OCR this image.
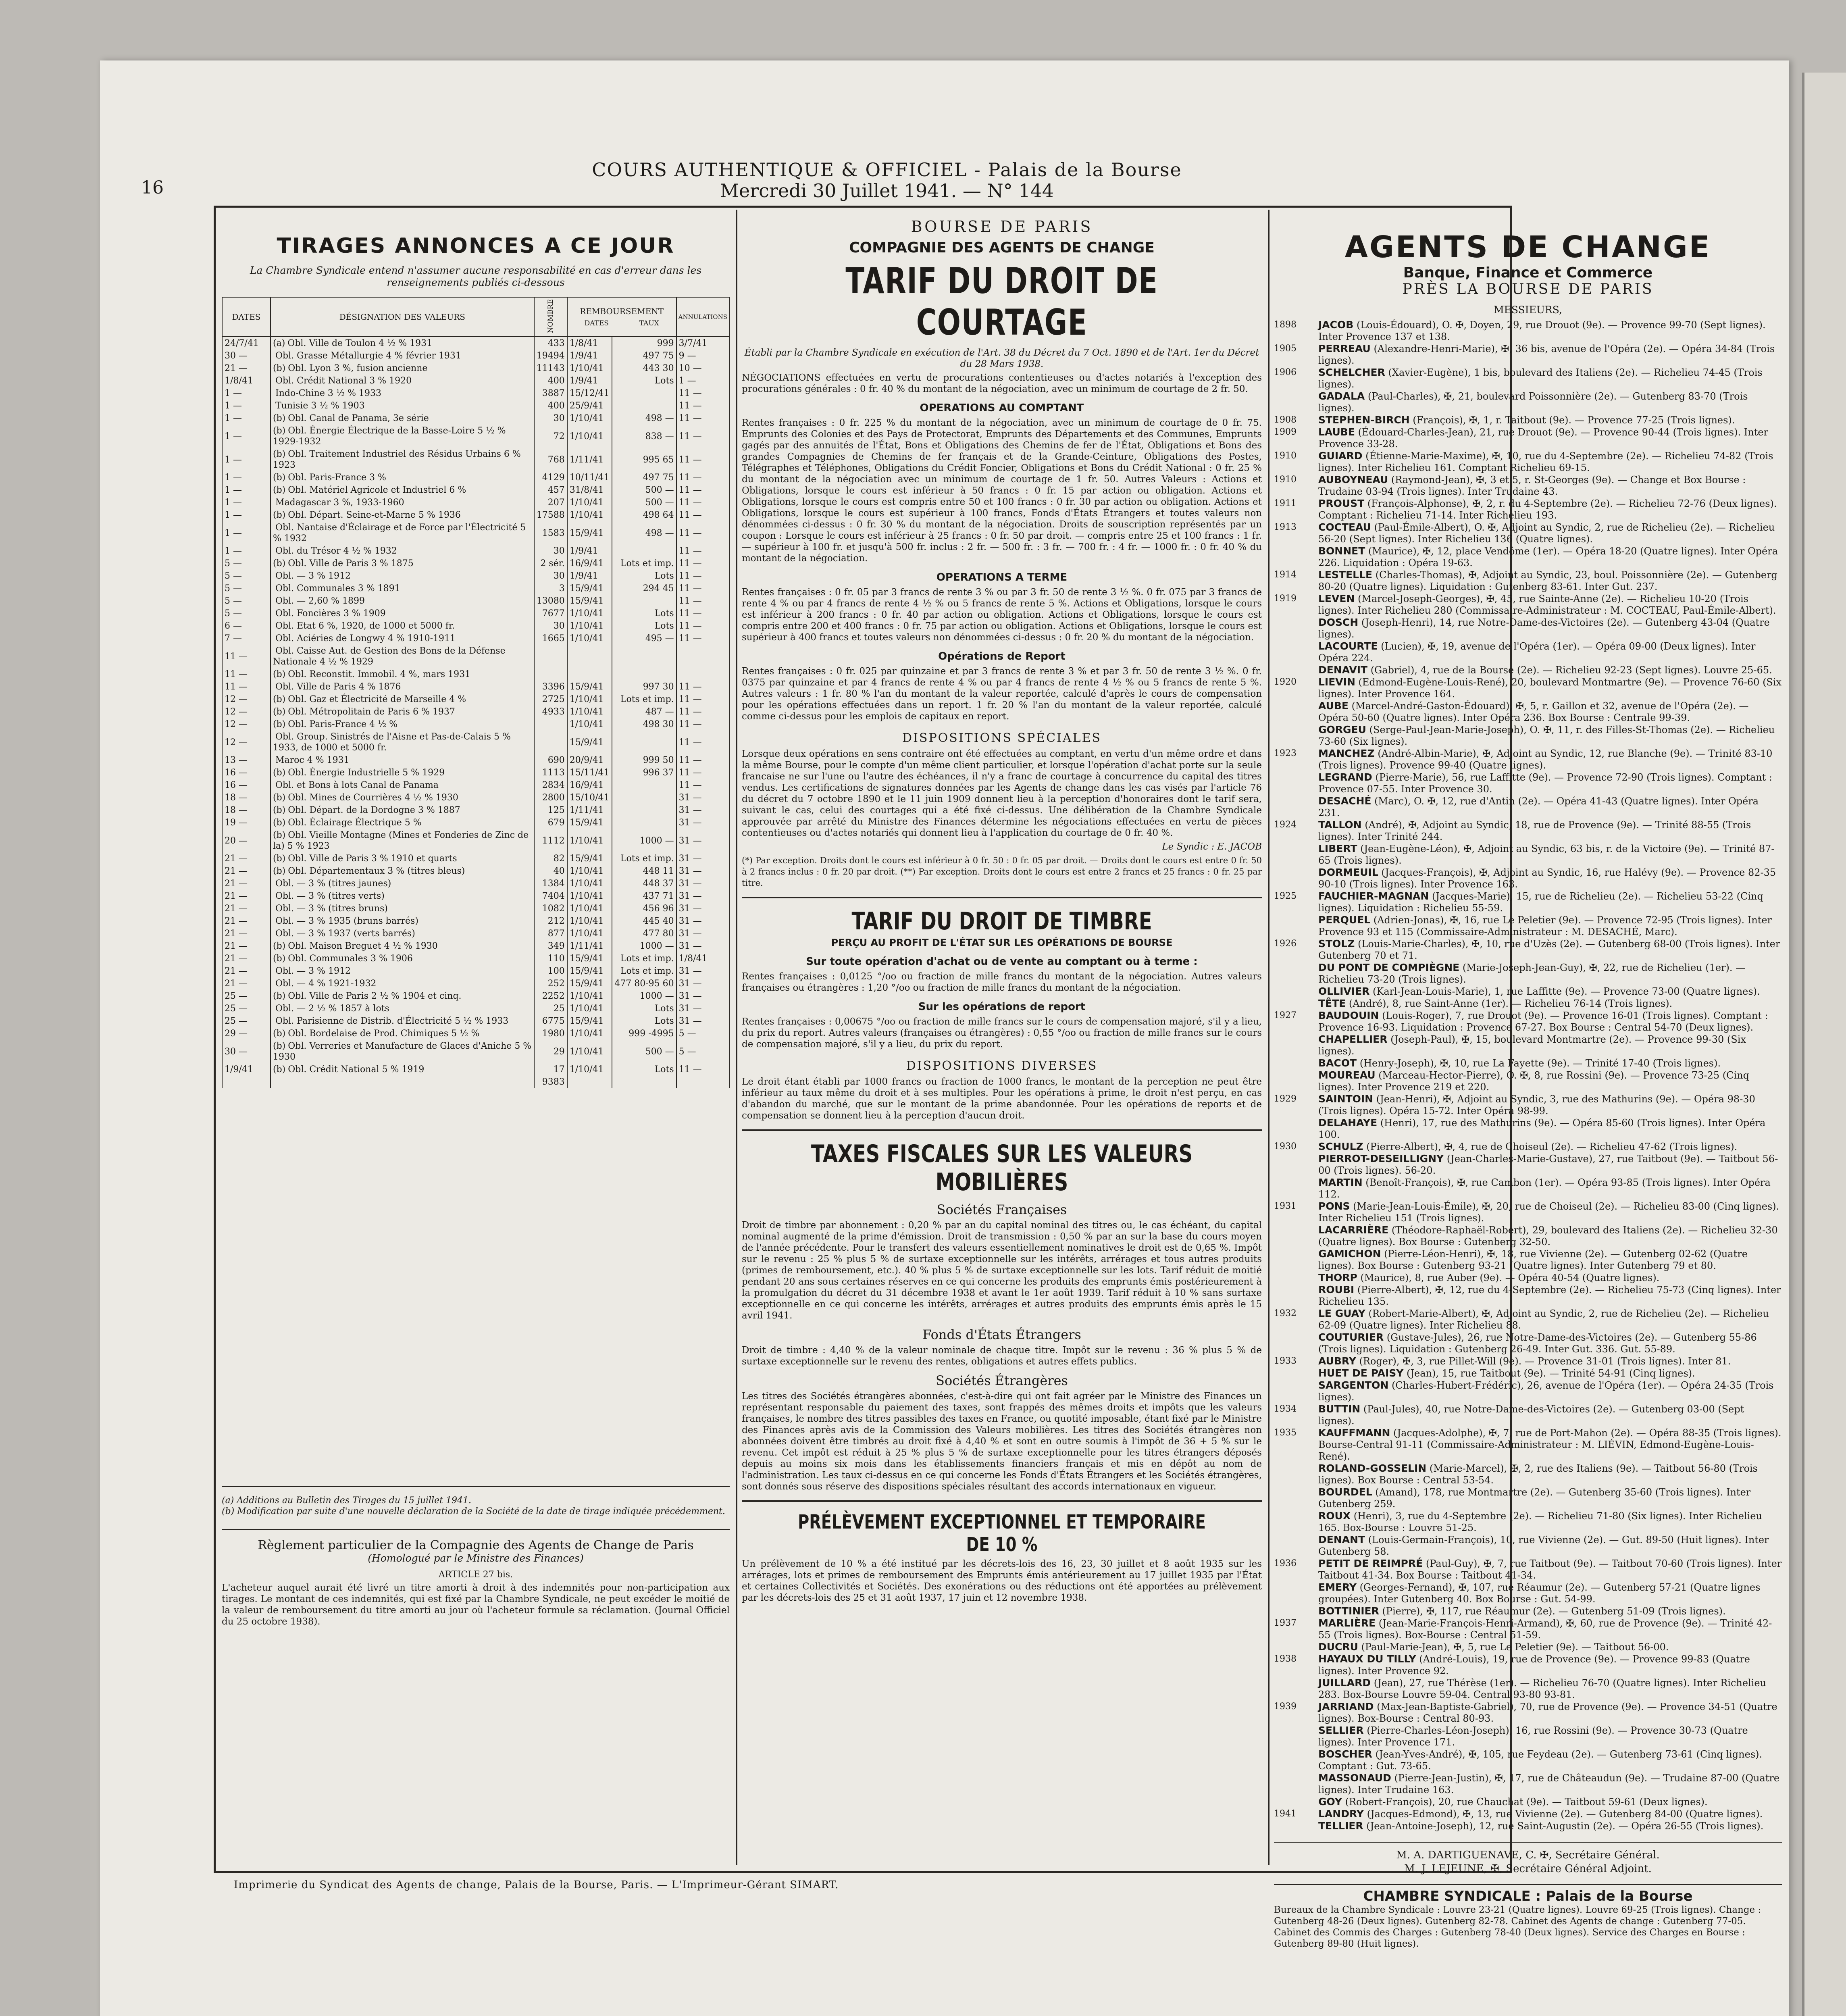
16
COURS AUTHENTIQUE & OFFICIEL - Palais de la Bourse
Mercredi 30 Juillet 1941. — N° 144
TIRAGES ANNONCES A CE JOUR
La Chambre Syndicale entend n'assumer aucune responsabilité en cas d'erreur dans les renseignements publiés ci-dessous
DATES	DÉSIGNATION DES VALEURS	NOMBRE	REMBOURSEMENT
DATES TAUX		ANNULATIONS
24/7/41	(a) Obl. Ville de Toulon 4 ½ % 1931	433	1/8/41	999	3/7/41
30 —	Obl. Grasse Métallurgie 4 % février 1931	19494	1/9/41	497 75	9 —
21 —	(b) Obl. Lyon 3 %, fusion ancienne	11143	1/10/41	443 30	10 —
1/8/41	Obl. Crédit National 3 % 1920	400	1/9/41	Lots	1 —
1 —	Indo-Chine 3 ½ % 1933	3887	15/12/41		11 —
1 —	Tunisie 3 ½ % 1903	400	25/9/41		11 —
1 —	(b) Obl. Canal de Panama, 3e série	30	1/10/41	498 —	11 —
1 —	(b) Obl. Énergie Électrique de la Basse-Loire 5 ½ % 1929-1932	72	1/10/41	838 —	11 —
1 —	(b) Obl. Traitement Industriel des Résidus Urbains 6 % 1923	768	1/11/41	995 65	11 —
1 —	(b) Obl. Paris-France 3 %	4129	10/11/41	497 75	11 —
1 —	(b) Obl. Matériel Agricole et Industriel 6 %	457	31/8/41	500 —	11 —
1 —	Madagascar 3 %, 1933-1960	207	1/10/41	500 —	11 —
1 —	(b) Obl. Départ. Seine-et-Marne 5 % 1936	17588	1/10/41	498 64	11 —
1 —	Obl. Nantaise d'Éclairage et de Force par l'Électricité 5 % 1932	1583	15/9/41	498 —	11 —
1 —	Obl. du Trésor 4 ½ % 1932	30	1/9/41		11 —
5 —	(b) Obl. Ville de Paris 3 % 1875	2 sér.	16/9/41	Lots et imp.	11 —
5 —	Obl. — 3 % 1912	30	1/9/41	Lots	11 —
5 —	Obl. Communales 3 % 1891	3	15/9/41	294 45	11 —
5 —	Obl. — 2,60 % 1899	13080	15/9/41		11 —
5 —	Obl. Foncières 3 % 1909	7677	1/10/41	Lots	11 —
6 —	Obl. Etat 6 %, 1920, de 1000 et 5000 fr.	30	1/10/41	Lots	11 —
7 —	Obl. Aciéries de Longwy 4 % 1910-1911	1665	1/10/41	495 —	11 —
11 —	Obl. Caisse Aut. de Gestion des Bons de la Défense Nationale 4 ½ % 1929				
11 —	(b) Obl. Reconstit. Immobil. 4 %, mars 1931				
11 —	Obl. Ville de Paris 4 % 1876	3396	15/9/41	997 30	11 —
12 —	(b) Obl. Gaz et Électricité de Marseille 4 %	2725	1/10/41	Lots et imp.	11 —
12 —	(b) Obl. Métropolitain de Paris 6 % 1937	4933	1/10/41	487 —	11 —
12 —	(b) Obl. Paris-France 4 ½ %		1/10/41	498 30	11 —
12 —	Obl. Group. Sinistrés de l'Aisne et Pas-de-Calais 5 % 1933, de 1000 et 5000 fr.		15/9/41		11 —
13 —	Maroc 4 % 1931	690	20/9/41	999 50	11 —
16 —	(b) Obl. Énergie Industrielle 5 % 1929	1113	15/11/41	996 37	11 —
16 —	Obl. et Bons à lots Canal de Panama	2834	16/9/41		11 —
18 —	(b) Obl. Mines de Courrières 4 ½ % 1930	2800	15/10/41		31 —
18 —	(b) Obl. Départ. de la Dordogne 3 % 1887	125	1/11/41		31 —
19 —	(b) Obl. Éclairage Électrique 5 %	679	15/9/41		31 —
20 —	(b) Obl. Vieille Montagne (Mines et Fonderies de Zinc de la) 5 % 1923	1112	1/10/41	1000 —	31 —
21 —	(b) Obl. Ville de Paris 3 % 1910 et quarts	82	15/9/41	Lots et imp.	31 —
21 —	(b) Obl. Départementaux 3 % (titres bleus)	40	1/10/41	448 11	31 —
21 —	Obl. — 3 % (titres jaunes)	1384	1/10/41	448 37	31 —
21 —	Obl. — 3 % (titres verts)	7404	1/10/41	437 71	31 —
21 —	Obl. — 3 % (titres bruns)	1082	1/10/41	456 96	31 —
21 —	Obl. — 3 % 1935 (bruns barrés)	212	1/10/41	445 40	31 —
21 —	Obl. — 3 % 1937 (verts barrés)	877	1/10/41	477 80	31 —
21 —	(b) Obl. Maison Breguet 4 ½ % 1930	349	1/11/41	1000 —	31 —
21 —	(b) Obl. Communales 3 % 1906	110	15/9/41	Lots et imp.	1/8/41
21 —	Obl. — 3 % 1912	100	15/9/41	Lots et imp.	31 —
21 —	Obl. — 4 % 1921-1932	252	15/9/41	477 80-95 60	31 —
25 —	(b) Obl. Ville de Paris 2 ½ % 1904 et cinq.	2252	1/10/41	1000 —	31 —
25 —	Obl. — 2 ½ % 1857 à lots	25	1/10/41	Lots	31 —
25 —	Obl. Parisienne de Distrib. d'Électricité 5 ½ % 1933	6775	15/9/41	Lots	31 —
29 —	(b) Obl. Bordelaise de Prod. Chimiques 5 ½ %	1980	1/10/41	999 -4995	5 —
30 —	(b) Obl. Verreries et Manufacture de Glaces d'Aniche 5 % 1930	29	1/10/41	500 —	5 —
1/9/41	(b) Obl. Crédit National 5 % 1919	17	1/10/41	Lots	11 —
		9383			
(a) Additions au Bulletin des Tirages du 15 juillet 1941.
(b) Modification par suite d'une nouvelle déclaration de la Société de la date de tirage indiquée précédemment.
Règlement particulier de la Compagnie des Agents de Change de Paris
(Homologué par le Ministre des Finances)
ARTICLE 27 bis.
L'acheteur auquel aurait été livré un titre amorti à droit à des indemnités pour non-participation aux tirages. Le montant de ces indemnités, qui est fixé par la Chambre Syndicale, ne peut excéder le moitié de la valeur de remboursement du titre amorti au jour où l'acheteur formule sa réclamation. (Journal Officiel du 25 octobre 1938).
BOURSE DE PARIS
COMPAGNIE DES AGENTS DE CHANGE
TARIF DU DROIT DE COURTAGE

Établi par la Chambre Syndicale en exécution de l'Art. 38 du Décret du 7 Oct. 1890 et de l'Art. 1er du Décret du 28 Mars 1938.

NÉGOCIATIONS effectuées en vertu de procurations contentieuses ou d'actes notariés à l'exception des procurations générales : 0 fr. 40 % du montant de la négociation, avec un minimum de courtage de 2 fr. 50.

OPERATIONS AU COMPTANT

Rentes françaises : 0 fr. 225 % du montant de la négociation, avec un minimum de courtage de 0 fr. 75. Emprunts des Colonies et des Pays de Protectorat, Emprunts des Départements et des Communes, Emprunts gagés par des annuités de l'État, Bons et Obligations des Chemins de fer de l'État, Obligations et Bons des grandes Compagnies de Chemins de fer français et de la Grande-Ceinture, Obligations des Postes, Télégraphes et Téléphones, Obligations du Crédit Foncier, Obligations et Bons du Crédit National : 0 fr. 25 % du montant de la négociation avec un minimum de courtage de 1 fr. 50. Autres Valeurs : Actions et Obligations, lorsque le cours est inférieur à 50 francs : 0 fr. 15 par action ou obligation. Actions et Obligations, lorsque le cours est compris entre 50 et 100 francs : 0 fr. 30 par action ou obligation. Actions et Obligations, lorsque le cours est supérieur à 100 francs, Fonds d'États Étrangers et toutes valeurs non dénommées ci-dessus : 0 fr. 30 % du montant de la négociation. Droits de souscription représentés par un coupon : Lorsque le cours est inférieur à 25 francs : 0 fr. 50 par droit. — compris entre 25 et 100 francs : 1 fr. — supérieur à 100 fr. et jusqu'à 500 fr. inclus : 2 fr. — 500 fr. : 3 fr. — 700 fr. : 4 fr. — 1000 fr. : 0 fr. 40 % du montant de la négociation.

OPERATIONS A TERME

Rentes françaises : 0 fr. 05 par 3 francs de rente 3 % ou par 3 fr. 50 de rente 3 ½ %. 0 fr. 075 par 3 francs de rente 4 % ou par 4 francs de rente 4 ½ % ou 5 francs de rente 5 %. Actions et Obligations, lorsque le cours est inférieur à 200 francs : 0 fr. 40 par action ou obligation. Actions et Obligations, lorsque le cours est compris entre 200 et 400 francs : 0 fr. 75 par action ou obligation. Actions et Obligations, lorsque le cours est supérieur à 400 francs et toutes valeurs non dénommées ci-dessus : 0 fr. 20 % du montant de la négociation.

Opérations de Report

Rentes françaises : 0 fr. 025 par quinzaine et par 3 francs de rente 3 % et par 3 fr. 50 de rente 3 ½ %. 0 fr. 0375 par quinzaine et par 4 francs de rente 4 % ou par 4 francs de rente 4 ½ % ou 5 francs de rente 5 %. Autres valeurs : 1 fr. 80 % l'an du montant de la valeur reportée, calculé d'après le cours de compensation pour les opérations effectuées dans un report. 1 fr. 20 % l'an du montant de la valeur reportée, calculé comme ci-dessus pour les emplois de capitaux en report.

DISPOSITIONS SPÉCIALES

Lorsque deux opérations en sens contraire ont été effectuées au comptant, en vertu d'un même ordre et dans la même Bourse, pour le compte d'un même client particulier, et lorsque l'opération d'achat porte sur la seule francaise ne sur l'une ou l'autre des échéances, il n'y a franc de courtage à concurrence du capital des titres vendus. Les certifications de signatures données par les Agents de change dans les cas visés par l'article 76 du décret du 7 octobre 1890 et le 11 juin 1909 donnent lieu à la perception d'honoraires dont le tarif sera, suivant le cas, celui des courtages qui a été fixé ci-dessus. Une délibération de la Chambre Syndicale approuvée par arrêté du Ministre des Finances détermine les négociations effectuées en vertu de pièces contentieuses ou d'actes notariés qui donnent lieu à l'application du courtage de 0 fr. 40 %.

Le Syndic : E. JACOB

(*) Par exception. Droits dont le cours est inférieur à 0 fr. 50 : 0 fr. 05 par droit. — Droits dont le cours est entre 0 fr. 50 à 2 francs inclus : 0 fr. 20 par droit. (**) Par exception. Droits dont le cours est entre 2 francs et 25 francs : 0 fr. 25 par titre.

TARIF DU DROIT DE TIMBRE
PERÇU AU PROFIT DE L'ÉTAT SUR LES OPÉRATIONS DE BOURSE
Sur toute opération d'achat ou de vente au comptant ou à terme :

Rentes françaises : 0,0125 °/oo ou fraction de mille francs du montant de la négociation. Autres valeurs françaises ou étrangères : 1,20 °/oo ou fraction de mille francs du montant de la négociation.

Sur les opérations de report

Rentes françaises : 0,00675 °/oo ou fraction de mille francs sur le cours de compensation majoré, s'il y a lieu, du prix du report. Autres valeurs (françaises ou étrangères) : 0,55 °/oo ou fraction de mille francs sur le cours de compensation majoré, s'il y a lieu, du prix du report.

DISPOSITIONS DIVERSES

Le droit étant établi par 1000 francs ou fraction de 1000 francs, le montant de la perception ne peut être inférieur au taux même du droit et à ses multiples. Pour les opérations à prime, le droit n'est perçu, en cas d'abandon du marché, que sur le montant de la prime abandonnée. Pour les opérations de reports et de compensation se donnent lieu à la perception d'aucun droit.

TAXES FISCALES SUR LES VALEURS MOBILIÈRES
Sociétés Françaises

Droit de timbre par abonnement : 0,20 % par an du capital nominal des titres ou, le cas échéant, du capital nominal augmenté de la prime d'émission. Droit de transmission : 0,50 % par an sur la base du cours moyen de l'année précédente. Pour le transfert des valeurs essentiellement nominatives le droit est de 0,65 %. Impôt sur le revenu : 25 % plus 5 % de surtaxe exceptionnelle sur les intérêts, arrérages et tous autres produits (primes de remboursement, etc.). 40 % plus 5 % de surtaxe exceptionnelle sur les lots. Tarif réduit de moitié pendant 20 ans sous certaines réserves en ce qui concerne les produits des emprunts émis postérieurement à la promulgation du décret du 31 décembre 1938 et avant le 1er août 1939. Tarif réduit à 10 % sans surtaxe exceptionnelle en ce qui concerne les intérêts, arrérages et autres produits des emprunts émis après le 15 avril 1941.

Fonds d'États Étrangers

Droit de timbre : 4,40 % de la valeur nominale de chaque titre. Impôt sur le revenu : 36 % plus 5 % de surtaxe exceptionnelle sur le revenu des rentes, obligations et autres effets publics.

Sociétés Étrangères

Les titres des Sociétés étrangères abonnées, c'est-à-dire qui ont fait agréer par le Ministre des Finances un représentant responsable du paiement des taxes, sont frappés des mêmes droits et impôts que les valeurs françaises, le nombre des titres passibles des taxes en France, ou quotité imposable, étant fixé par le Ministre des Finances après avis de la Commission des Valeurs mobilières. Les titres des Sociétés étrangères non abonnées doivent être timbrés au droit fixé à 4,40 % et sont en outre soumis à l'impôt de 36 + 5 % sur le revenu. Cet impôt est réduit à 25 % plus 5 % de surtaxe exceptionnelle pour les titres étrangers déposés depuis au moins six mois dans les établissements financiers français et mis en dépôt au nom de l'administration. Les taux ci-dessus en ce qui concerne les Fonds d'États Étrangers et les Sociétés étrangères, sont donnés sous réserve des dispositions spéciales résultant des accords internationaux en vigueur.

PRÉLÈVEMENT EXCEPTIONNEL ET TEMPORAIRE DE 10 %

Un prélèvement de 10 % a été institué par les décrets-lois des 16, 23, 30 juillet et 8 août 1935 sur les arrérages, lots et primes de remboursement des Emprunts émis antérieurement au 17 juillet 1935 par l'État et certaines Collectivités et Sociétés. Des exonérations ou des réductions ont été apportées au prélèvement par les décrets-lois des 25 et 31 août 1937, 17 juin et 12 novembre 1938.

AGENTS DE CHANGE
Banque, Finance et Commerce
PRÈS LA BOURSE DE PARIS
MESSIEURS,
1898	JACOB (Louis-Édouard), O. ✠, Doyen, 29, rue Drouot (9e). — Provence 99-70 (Sept lignes). Inter Provence 137 et 138.
1905	PERREAU (Alexandre-Henri-Marie), ✠, 36 bis, avenue de l'Opéra (2e). — Opéra 34-84 (Trois lignes).
1906	SCHELCHER (Xavier-Eugène), 1 bis, boulevard des Italiens (2e). — Richelieu 74-45 (Trois lignes).
GADALA (Paul-Charles), ✠, 21, boulevard Poissonnière (2e). — Gutenberg 83-70 (Trois lignes).
1908	STEPHEN-BIRCH (François), ✠, 1, r. Taitbout (9e). — Provence 77-25 (Trois lignes).
1909	LAUBE (Édouard-Charles-Jean), 21, rue Drouot (9e). — Provence 90-44 (Trois lignes). Inter Provence 33-28.
1910	GUIARD (Étienne-Marie-Maxime), ✠, 10, rue du 4-Septembre (2e). — Richelieu 74-82 (Trois lignes). Inter Richelieu 161. Comptant Richelieu 69-15.
1910	AUBOYNEAU (Raymond-Jean), ✠, 3 et 5, r. St-Georges (9e). — Change et Box Bourse : Trudaine 03-94 (Trois lignes). Inter Trudaine 43.
1911	PROUST (François-Alphonse), ✠, 2, r. du 4-Septembre (2e). — Richelieu 72-76 (Deux lignes). Comptant : Richelieu 71-14. Inter Richelieu 193.
1913	COCTEAU (Paul-Émile-Albert), O. ✠, Adjoint au Syndic, 2, rue de Richelieu (2e). — Richelieu 56-20 (Sept lignes). Inter Richelieu 136 (Quatre lignes).
BONNET (Maurice), ✠, 12, place Vendôme (1er). — Opéra 18-20 (Quatre lignes). Inter Opéra 226. Liquidation : Opéra 19-63.
1914	LESTELLE (Charles-Thomas), ✠, Adjoint au Syndic, 23, boul. Poissonnière (2e). — Gutenberg 80-20 (Quatre lignes). Liquidation : Gutenberg 83-61. Inter Gut. 237.
1919	LEVEN (Marcel-Joseph-Georges), ✠, 45, rue Sainte-Anne (2e). — Richelieu 10-20 (Trois lignes). Inter Richelieu 280 (Commissaire-Administrateur : M. COCTEAU, Paul-Émile-Albert).
DOSCH (Joseph-Henri), 14, rue Notre-Dame-des-Victoires (2e). — Gutenberg 43-04 (Quatre lignes).
LACOURTE (Lucien), ✠, 19, avenue de l'Opéra (1er). — Opéra 09-00 (Deux lignes). Inter Opéra 224.
DENAVIT (Gabriel), 4, rue de la Bourse (2e). — Richelieu 92-23 (Sept lignes). Louvre 25-65.
1920	LIEVIN (Edmond-Eugène-Louis-René), 20, boulevard Montmartre (9e). — Provence 76-60 (Six lignes). Inter Provence 164.
AUBE (Marcel-André-Gaston-Édouard), ✠, 5, r. Gaillon et 32, avenue de l'Opéra (2e). — Opéra 50-60 (Quatre lignes). Inter Opéra 236. Box Bourse : Centrale 99-39.
GORGEU (Serge-Paul-Jean-Marie-Joseph), O. ✠, 11, r. des Filles-St-Thomas (2e). — Richelieu 73-60 (Six lignes).
1923	MANCHEZ (André-Albin-Marie), ✠, Adjoint au Syndic, 12, rue Blanche (9e). — Trinité 83-10 (Trois lignes). Provence 99-40 (Quatre lignes).
LEGRAND (Pierre-Marie), 56, rue Laffitte (9e). — Provence 72-90 (Trois lignes). Comptant : Provence 07-55. Inter Provence 30.
DESACHÉ (Marc), O. ✠, 12, rue d'Antin (2e). — Opéra 41-43 (Quatre lignes). Inter Opéra 231.
1924	TALLON (André), ✠, Adjoint au Syndic, 18, rue de Provence (9e). — Trinité 88-55 (Trois lignes). Inter Trinité 244.
LIBERT (Jean-Eugène-Léon), ✠, Adjoint au Syndic, 63 bis, r. de la Victoire (9e). — Trinité 87-65 (Trois lignes).
DORMEUIL (Jacques-François), ✠, Adjoint au Syndic, 16, rue Halévy (9e). — Provence 82-35 90-10 (Trois lignes). Inter Provence 163.
1925	FAUCHIER-MAGNAN (Jacques-Marie), 15, rue de Richelieu (2e). — Richelieu 53-22 (Cinq lignes). Liquidation : Richelieu 55-59.
PERQUEL (Adrien-Jonas), ✠, 16, rue Le Peletier (9e). — Provence 72-95 (Trois lignes). Inter Provence 93 et 115 (Commissaire-Administrateur : M. DESACHÉ, Marc).
1926	STOLZ (Louis-Marie-Charles), ✠, 10, rue d'Uzès (2e). — Gutenberg 68-00 (Trois lignes). Inter Gutenberg 70 et 71.
DU PONT DE COMPIÈGNE (Marie-Joseph-Jean-Guy), ✠, 22, rue de Richelieu (1er). — Richelieu 73-20 (Trois lignes).
OLLIVIER (Karl-Jean-Louis-Marie), 1, rue Laffitte (9e). — Provence 73-00 (Quatre lignes).
TÊTE (André), 8, rue Saint-Anne (1er). — Richelieu 76-14 (Trois lignes).
1927	BAUDOUIN (Louis-Roger), 7, rue Drouot (9e). — Provence 16-01 (Trois lignes). Comptant : Provence 16-93. Liquidation : Provence 67-27. Box Bourse : Central 54-70 (Deux lignes).
CHAPELLIER (Joseph-Paul), ✠, 15, boulevard Montmartre (2e). — Provence 99-30 (Six lignes).
BACOT (Henry-Joseph), ✠, 10, rue La Fayette (9e). — Trinité 17-40 (Trois lignes).
MOUREAU (Marceau-Hector-Pierre), O. ✠, 8, rue Rossini (9e). — Provence 73-25 (Cinq lignes). Inter Provence 219 et 220.
1929	SAINTOIN (Jean-Henri), ✠, Adjoint au Syndic, 3, rue des Mathurins (9e). — Opéra 98-30 (Trois lignes). Opéra 15-72. Inter Opéra 98-99.
DELAHAYE (Henri), 17, rue des Mathurins (9e). — Opéra 85-60 (Trois lignes). Inter Opéra 100.
1930	SCHULZ (Pierre-Albert), ✠, 4, rue de Choiseul (2e). — Richelieu 47-62 (Trois lignes).
PIERROT-DESEILLIGNY (Jean-Charles-Marie-Gustave), 27, rue Taitbout (9e). — Taitbout 56-00 (Trois lignes). 56-20.
MARTIN (Benoît-François), ✠, rue Cambon (1er). — Opéra 93-85 (Trois lignes). Inter Opéra 112.
1931	PONS (Marie-Jean-Louis-Émile), ✠, 20, rue de Choiseul (2e). — Richelieu 83-00 (Cinq lignes). Inter Richelieu 151 (Trois lignes).
LACARRIÈRE (Théodore-Raphaël-Robert), 29, boulevard des Italiens (2e). — Richelieu 32-30 (Quatre lignes). Box Bourse : Gutenberg 32-50.
GAMICHON (Pierre-Léon-Henri), ✠, 18, rue Vivienne (2e). — Gutenberg 02-62 (Quatre lignes). Box Bourse : Gutenberg 93-21 (Quatre lignes). Inter Gutenberg 79 et 80.
THORP (Maurice), 8, rue Auber (9e). — Opéra 40-54 (Quatre lignes).
ROUBI (Pierre-Albert), ✠, 12, rue du 4-Septembre (2e). — Richelieu 75-73 (Cinq lignes). Inter Richelieu 135.
1932	LE GUAY (Robert-Marie-Albert), ✠, Adjoint au Syndic, 2, rue de Richelieu (2e). — Richelieu 62-09 (Quatre lignes). Inter Richelieu 88.
COUTURIER (Gustave-Jules), 26, rue Notre-Dame-des-Victoires (2e). — Gutenberg 55-86 (Trois lignes). Liquidation : Gutenberg 26-49. Inter Gut. 336. Gut. 55-89.
1933	AUBRY (Roger), ✠, 3, rue Pillet-Will (9e). — Provence 31-01 (Trois lignes). Inter 81.
HUET DE PAISY (Jean), 15, rue Taitbout (9e). — Trinité 54-91 (Cinq lignes).
SARGENTON (Charles-Hubert-Frédéric), 26, avenue de l'Opéra (1er). — Opéra 24-35 (Trois lignes).
1934	BUTTIN (Paul-Jules), 40, rue Notre-Dame-des-Victoires (2e). — Gutenberg 03-00 (Sept lignes).
1935	KAUFFMANN (Jacques-Adolphe), ✠, 7, rue de Port-Mahon (2e). — Opéra 88-35 (Trois lignes). Bourse-Central 91-11 (Commissaire-Administrateur : M. LIÉVIN, Edmond-Eugène-Louis-René).
ROLAND-GOSSELIN (Marie-Marcel), ✠, 2, rue des Italiens (9e). — Taitbout 56-80 (Trois lignes). Box Bourse : Central 53-54.
BOURDEL (Amand), 178, rue Montmartre (2e). — Gutenberg 35-60 (Trois lignes). Inter Gutenberg 259.
ROUX (Henri), 3, rue du 4-Septembre (2e). — Richelieu 71-80 (Six lignes). Inter Richelieu 165. Box-Bourse : Louvre 51-25.
DENANT (Louis-Germain-François), 10, rue Vivienne (2e). — Gut. 89-50 (Huit lignes). Inter Gutenberg 58.
1936	PETIT DE REIMPRÉ (Paul-Guy), ✠, 7, rue Taitbout (9e). — Taitbout 70-60 (Trois lignes). Inter Taitbout 41-34. Box Bourse : Taitbout 41-34.
EMERY (Georges-Fernand), ✠, 107, rue Réaumur (2e). — Gutenberg 57-21 (Quatre lignes groupées). Inter Gutenberg 40. Box Bourse : Gut. 54-99.
BOTTINIER (Pierre), ✠, 117, rue Réaumur (2e). — Gutenberg 51-09 (Trois lignes).
1937	MARLIÈRE (Jean-Marie-François-Henri-Armand), ✠, 60, rue de Provence (9e). — Trinité 42-55 (Trois lignes). Box-Bourse : Central 51-59.
DUCRU (Paul-Marie-Jean), ✠, 5, rue Le Peletier (9e). — Taitbout 56-00.
1938	HAYAUX DU TILLY (André-Louis), 19, rue de Provence (9e). — Provence 99-83 (Quatre lignes). Inter Provence 92.
JUILLARD (Jean), 27, rue Thérèse (1er). — Richelieu 76-70 (Quatre lignes). Inter Richelieu 283. Box-Bourse Louvre 59-04. Central 93-80 93-81.
1939	JARRIAND (Max-Jean-Baptiste-Gabriel), 70, rue de Provence (9e). — Provence 34-51 (Quatre lignes). Box-Bourse : Central 80-93.
SELLIER (Pierre-Charles-Léon-Joseph), 16, rue Rossini (9e). — Provence 30-73 (Quatre lignes). Inter Provence 171.
BOSCHER (Jean-Yves-André), ✠, 105, rue Feydeau (2e). — Gutenberg 73-61 (Cinq lignes). Comptant : Gut. 73-65.
MASSONAUD (Pierre-Jean-Justin), ✠, 17, rue de Châteaudun (9e). — Trudaine 87-00 (Quatre lignes). Inter Trudaine 163.
GOY (Robert-François), 20, rue Chauchat (9e). — Taitbout 59-61 (Deux lignes).
1941	LANDRY (Jacques-Edmond), ✠, 13, rue Vivienne (2e). — Gutenberg 84-00 (Quatre lignes).
TELLIER (Jean-Antoine-Joseph), 12, rue Saint-Augustin (2e). — Opéra 26-55 (Trois lignes).
M. A. DARTIGUENAVE, C. ✠, Secrétaire Général.
M. J. LEJEUNE, ✠, Secrétaire Général Adjoint.
CHAMBRE SYNDICALE : Palais de la Bourse
Bureaux de la Chambre Syndicale : Louvre 23-21 (Quatre lignes). Louvre 69-25 (Trois lignes). Change : Gutenberg 48-26 (Deux lignes). Gutenberg 82-78. Cabinet des Agents de change : Gutenberg 77-05. Cabinet des Commis des Charges : Gutenberg 78-40 (Deux lignes). Service des Charges en Bourse : Gutenberg 89-80 (Huit lignes).
Imprimerie du Syndicat des Agents de change, Palais de la Bourse, Paris. — L'Imprimeur-Gérant SIMART.
